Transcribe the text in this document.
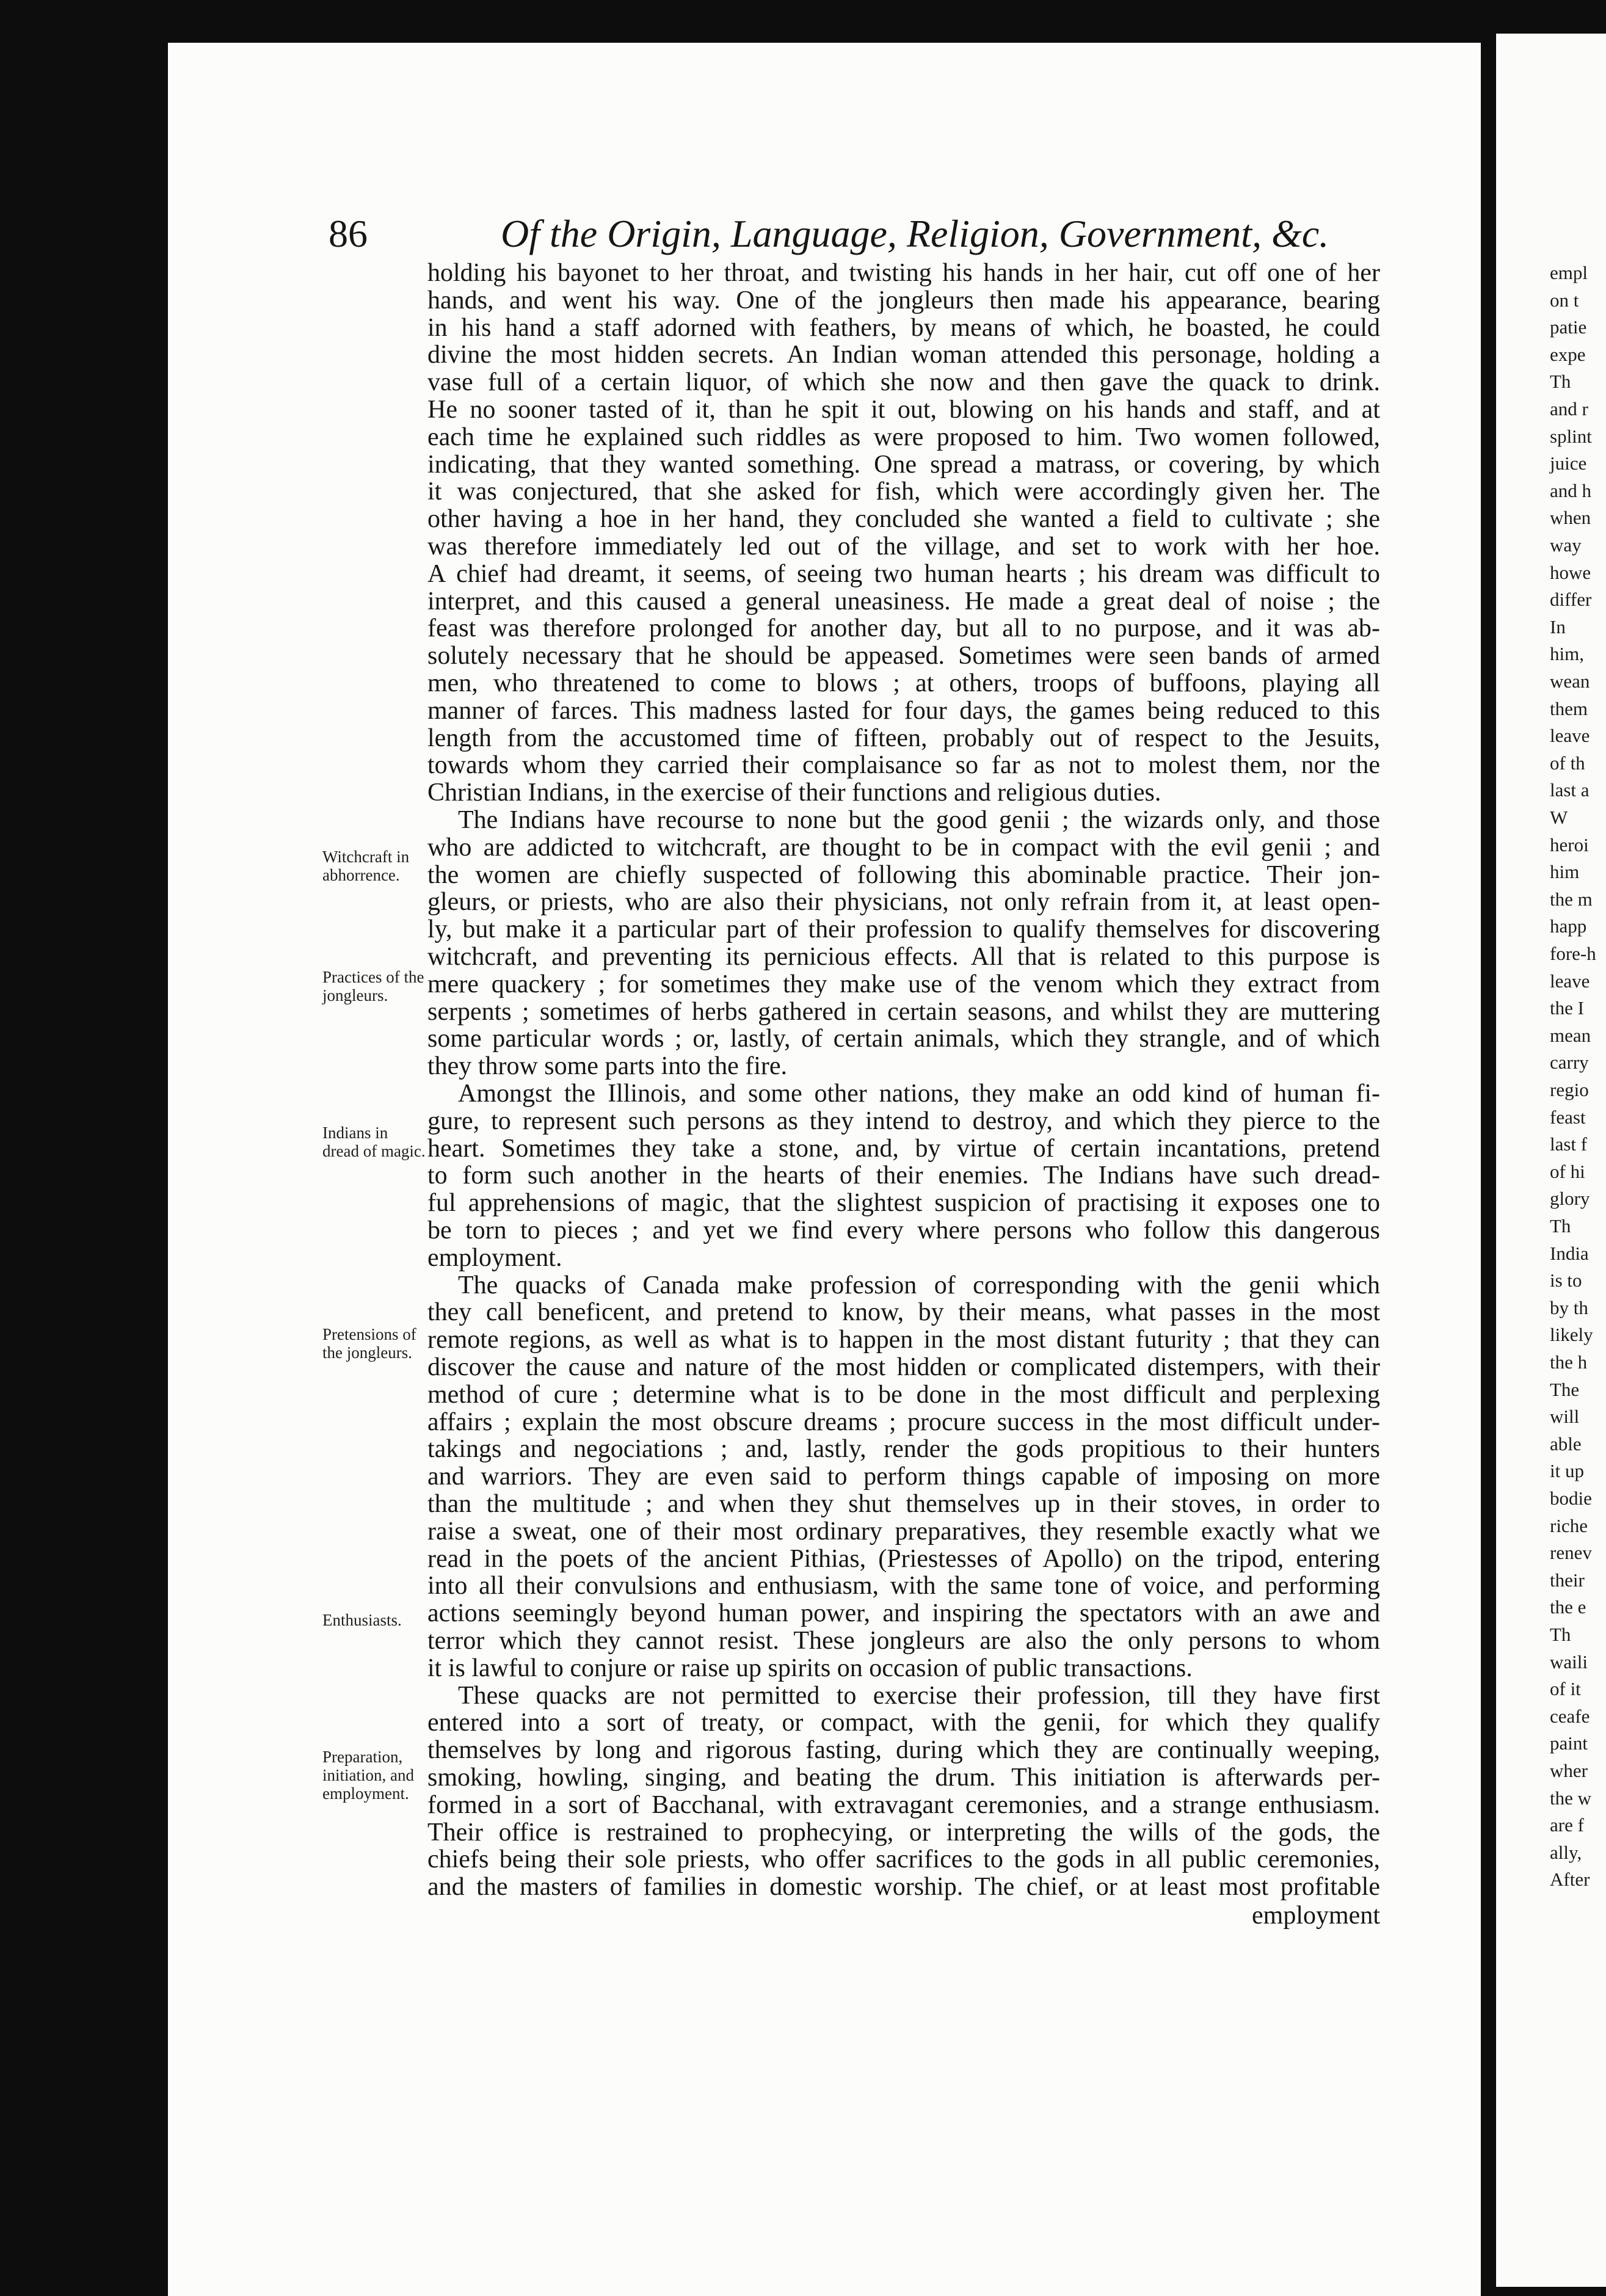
empl
on t
patie
expe
Th
and r
splint
juice
and h
when
way
howe
differ
In
him,
wean
them
leave
of th
last a
W
heroi
him
the m
happ
fore-h
leave
the I
mean
carry
regio
feast
last f
of hi
glory
Th
India
is to
by th
likely
the h
The
will
able
it up
bodie
riche
renev
their
the e
Th
waili
of it
ceafe
paint
wher
the w
are f
ally,
After
86	Of the Origin, Language, Religion, Government, &c.
Witchcraft in abhorrence.
Practices of the jongleurs.
Indians in dread of magic.
Pretensions of the jongleurs.
Enthusiasts.
Preparation, initiation, and employment.
holding his bayonet to her throat, and twisting his hands in her hair, cut off one of her
hands, and went his way. One of the jongleurs then made his appearance, bearing
in his hand a staff adorned with feathers, by means of which, he boasted, he could
divine the most hidden secrets. An Indian woman attended this personage, holding a
vase full of a certain liquor, of which she now and then gave the quack to drink.
He no sooner tasted of it, than he spit it out, blowing on his hands and staff, and at
each time he explained such riddles as were proposed to him. Two women followed,
indicating, that they wanted something. One spread a matrass, or covering, by which
it was conjectured, that she asked for fish, which were accordingly given her. The
other having a hoe in her hand, they concluded she wanted a field to cultivate ; she
was therefore immediately led out of the village, and set to work with her hoe.
A chief had dreamt, it seems, of seeing two human hearts ; his dream was difficult to
interpret, and this caused a general uneasiness. He made a great deal of noise ; the
feast was therefore prolonged for another day, but all to no purpose, and it was ab-
solutely necessary that he should be appeased. Sometimes were seen bands of armed
men, who threatened to come to blows ; at others, troops of buffoons, playing all
manner of farces. This madness lasted for four days, the games being reduced to this
length from the accustomed time of fifteen, probably out of respect to the Jesuits,
towards whom they carried their complaisance so far as not to molest them, nor the
Christian Indians, in the exercise of their functions and religious duties.
The Indians have recourse to none but the good genii ; the wizards only, and those
who are addicted to witchcraft, are thought to be in compact with the evil genii ; and
the women are chiefly suspected of following this abominable practice. Their jon-
gleurs, or priests, who are also their physicians, not only refrain from it, at least open-
ly, but make it a particular part of their profession to qualify themselves for discovering
witchcraft, and preventing its pernicious effects. All that is related to this purpose is
mere quackery ; for sometimes they make use of the venom which they extract from
serpents ; sometimes of herbs gathered in certain seasons, and whilst they are muttering
some particular words ; or, lastly, of certain animals, which they strangle, and of which
they throw some parts into the fire.
Amongst the Illinois, and some other nations, they make an odd kind of human fi-
gure, to represent such persons as they intend to destroy, and which they pierce to the
heart. Sometimes they take a stone, and, by virtue of certain incantations, pretend
to form such another in the hearts of their enemies. The Indians have such dread-
ful apprehensions of magic, that the slightest suspicion of practising it exposes one to
be torn to pieces ; and yet we find every where persons who follow this dangerous
employment.
The quacks of Canada make profession of corresponding with the genii which
they call beneficent, and pretend to know, by their means, what passes in the most
remote regions, as well as what is to happen in the most distant futurity ; that they can
discover the cause and nature of the most hidden or complicated distempers, with their
method of cure ; determine what is to be done in the most difficult and perplexing
affairs ; explain the most obscure dreams ; procure success in the most difficult under-
takings and negociations ; and, lastly, render the gods propitious to their hunters
and warriors. They are even said to perform things capable of imposing on more
than the multitude ; and when they shut themselves up in their stoves, in order to
raise a sweat, one of their most ordinary preparatives, they resemble exactly what we
read in the poets of the ancient Pithias, (Priestesses of Apollo) on the tripod, entering
into all their convulsions and enthusiasm, with the same tone of voice, and performing
actions seemingly beyond human power, and inspiring the spectators with an awe and
terror which they cannot resist. These jongleurs are also the only persons to whom
it is lawful to conjure or raise up spirits on occasion of public transactions.
These quacks are not permitted to exercise their profession, till they have first
entered into a sort of treaty, or compact, with the genii, for which they qualify
themselves by long and rigorous fasting, during which they are continually weeping,
smoking, howling, singing, and beating the drum. This initiation is afterwards per-
formed in a sort of Bacchanal, with extravagant ceremonies, and a strange enthusiasm.
Their office is restrained to prophecying, or interpreting the wills of the gods, the
chiefs being their sole priests, who offer sacrifices to the gods in all public ceremonies,
and the masters of families in domestic worship. The chief, or at least most profitable
employment
